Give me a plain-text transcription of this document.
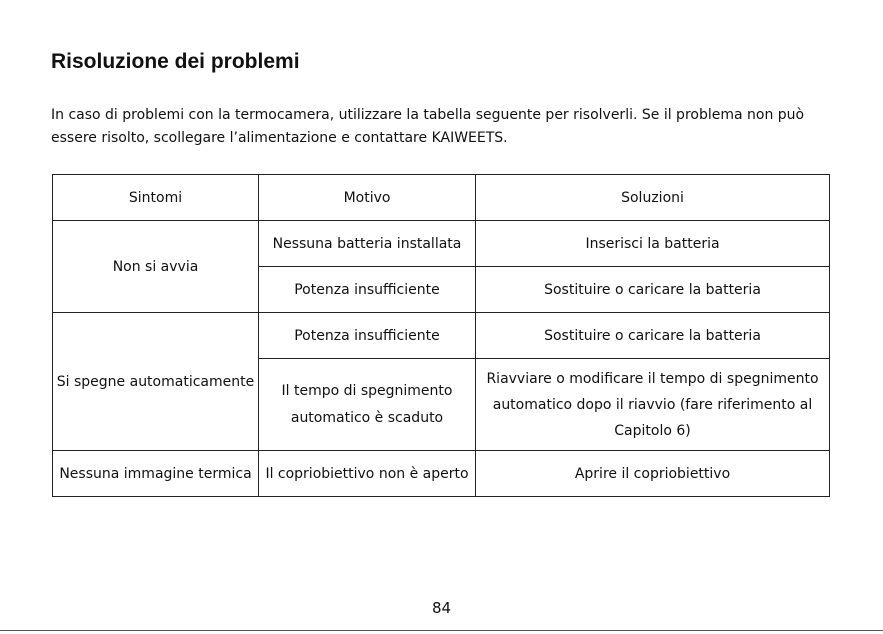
Risoluzione dei problemi

In caso di problemi con la termocamera, utilizzare la tabella seguente per risolverli. Se il problema non può essere risolto, scollegare l’alimentazione e contattare KAIWEETS.

Sintomi	Motivo	Soluzioni
Non si avvia	Nessuna batteria installata	Inserisci la batteria
	Potenza insufficiente	Sostituire o caricare la batteria
Si spegne automaticamente	Potenza insufficiente	Sostituire o caricare la batteria
	Il tempo di spegnimento automatico è scaduto	Riavviare o modificare il tempo di spegnimento automatico dopo il riavvio (fare riferimento al Capitolo 6)
Nessuna immagine termica	Il copriobiettivo non è aperto	Aprire il copriobiettivo
84
